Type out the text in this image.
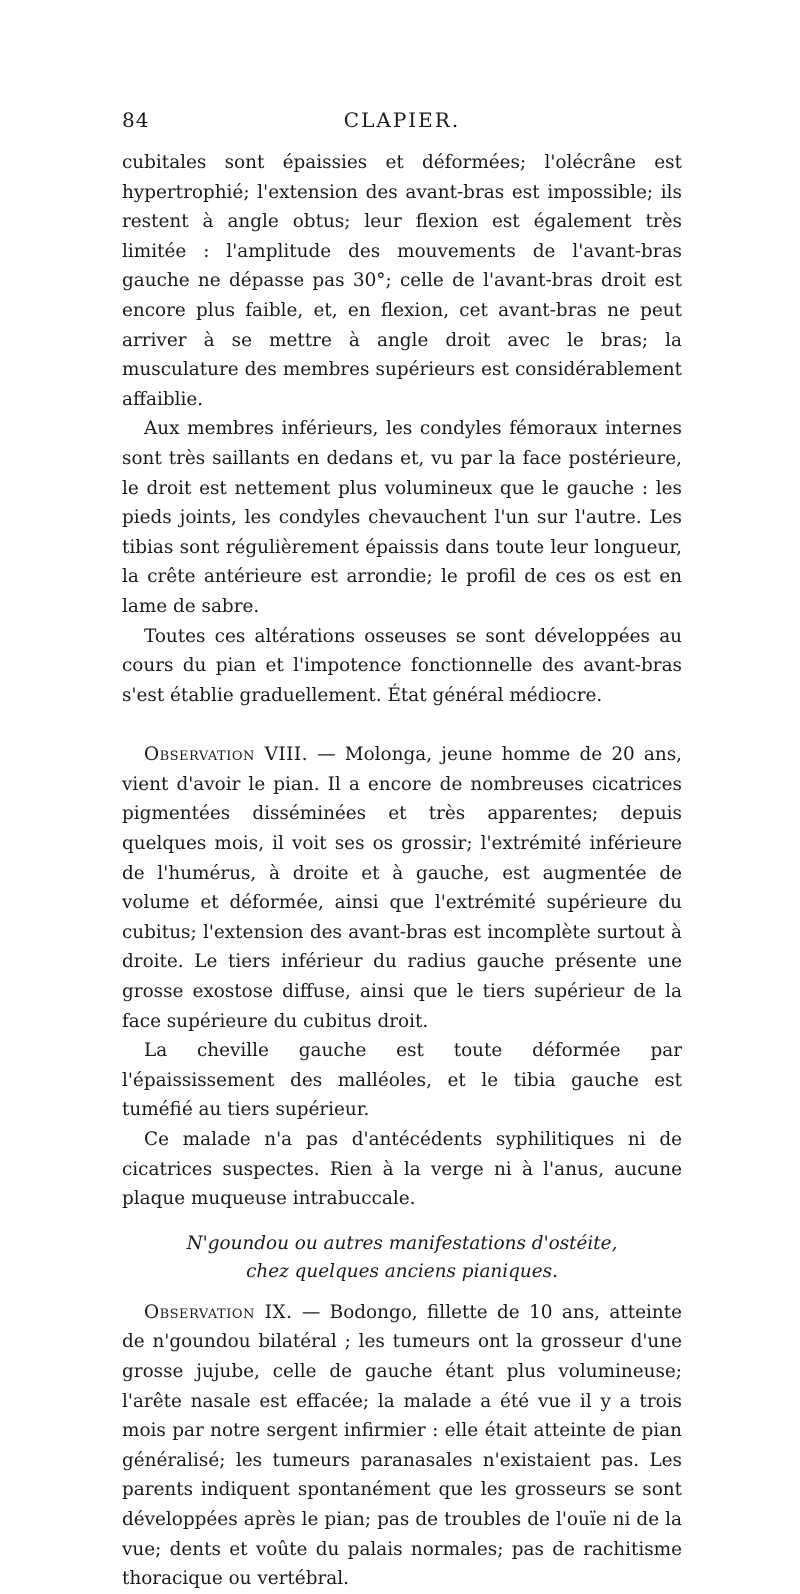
84	CLAPIER.

cubitales sont épaissies et déformées; l'olécrâne est hypertrophié; l'extension des avant-bras est impossible; ils restent à angle obtus; leur flexion est également très limitée : l'amplitude des mouvements de l'avant-bras gauche ne dépasse pas 30°; celle de l'avant-bras droit est encore plus faible, et, en flexion, cet avant-bras ne peut arriver à se mettre à angle droit avec le bras; la musculature des membres supérieurs est considérablement affaiblie.

Aux membres inférieurs, les condyles fémoraux internes sont très saillants en dedans et, vu par la face postérieure, le droit est nettement plus volumineux que le gauche : les pieds joints, les condyles chevauchent l'un sur l'autre. Les tibias sont régulièrement épaissis dans toute leur longueur, la crête antérieure est arrondie; le profil de ces os est en lame de sabre.

Toutes ces altérations osseuses se sont développées au cours du pian et l'impotence fonctionnelle des avant-bras s'est établie graduellement. État général médiocre.

Observation VIII. — Molonga, jeune homme de 20 ans, vient d'avoir le pian. Il a encore de nombreuses cicatrices pigmentées disséminées et très apparentes; depuis quelques mois, il voit ses os grossir; l'extrémité inférieure de l'humérus, à droite et à gauche, est augmentée de volume et déformée, ainsi que l'extrémité supérieure du cubitus; l'extension des avant-bras est incomplète surtout à droite. Le tiers inférieur du radius gauche présente une grosse exostose diffuse, ainsi que le tiers supérieur de la face supérieure du cubitus droit.

La cheville gauche est toute déformée par l'épaississement des malléoles, et le tibia gauche est tuméfié au tiers supérieur.

Ce malade n'a pas d'antécédents syphilitiques ni de cicatrices suspectes. Rien à la verge ni à l'anus, aucune plaque muqueuse intrabuccale.

N'goundou ou autres manifestations d'ostéite,
chez quelques anciens pianiques.

Observation IX. — Bodongo, fillette de 10 ans, atteinte de n'goundou bilatéral ; les tumeurs ont la grosseur d'une grosse jujube, celle de gauche étant plus volumineuse; l'arête nasale est effacée; la malade a été vue il y a trois mois par notre sergent infirmier : elle était atteinte de pian généralisé; les tumeurs paranasales n'existaient pas. Les parents indiquent spontanément que les grosseurs se sont développées après le pian; pas de troubles de l'ouïe ni de la vue; dents et voûte du palais normales; pas de rachitisme thoracique ou vertébral.
